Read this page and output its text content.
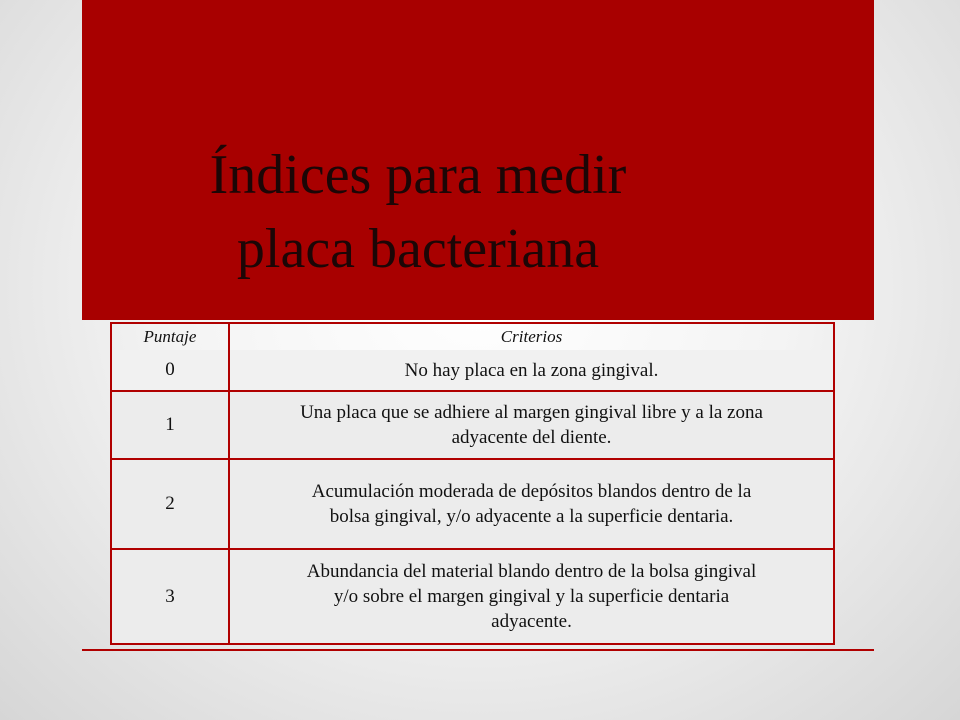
Índices para medir placa bacteriana
Puntaje	Criterios
0	No hay placa en la zona gingival.
1	Una placa que se adhiere al margen gingival libre y a la zona adyacente del diente.
2	Acumulación moderada de depósitos blandos dentro de la bolsa gingival, y/o adyacente a la superficie dentaria.
3	Abundancia del material blando dentro de la bolsa gingival y/o sobre el margen gingival y la superficie dentaria adyacente.
